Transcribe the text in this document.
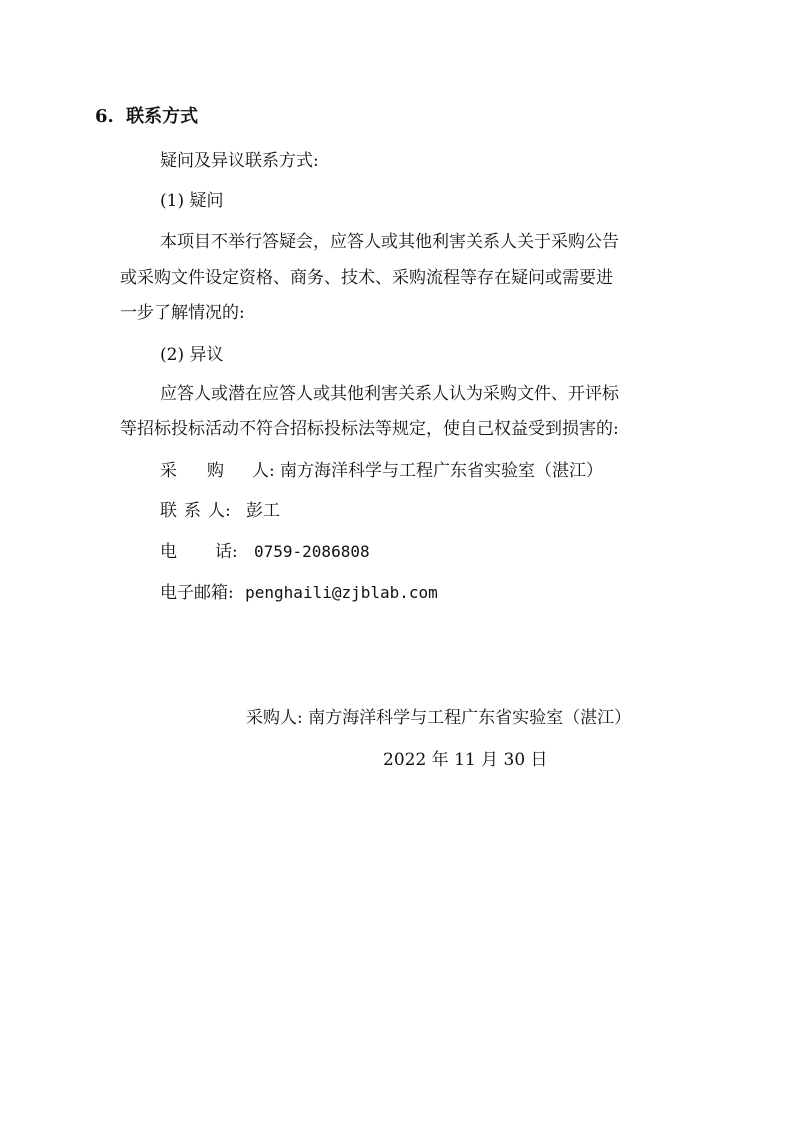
6. 联系方式
疑问及异议联系方式:
(1) 疑问
本项目不举行答疑会，应答人或其他利害关系人关于采购公告
或采购文件设定资格、商务、技术、采购流程等存在疑问或需要进
一步了解情况的:
(2) 异议
应答人或潜在应答人或其他利害关系人认为采购文件、开评标
等招标投标活动不符合招标投标法等规定，使自己权益受到损害的:
采 购 人: 南方海洋科学与工程广东省实验室（湛江）
联 系 人: 彭工
电 话: 0759-2086808
电子邮箱: penghaili@zjblab.com
采购人: 南方海洋科学与工程广东省实验室（湛江）
2022 年 11 月 30 日
